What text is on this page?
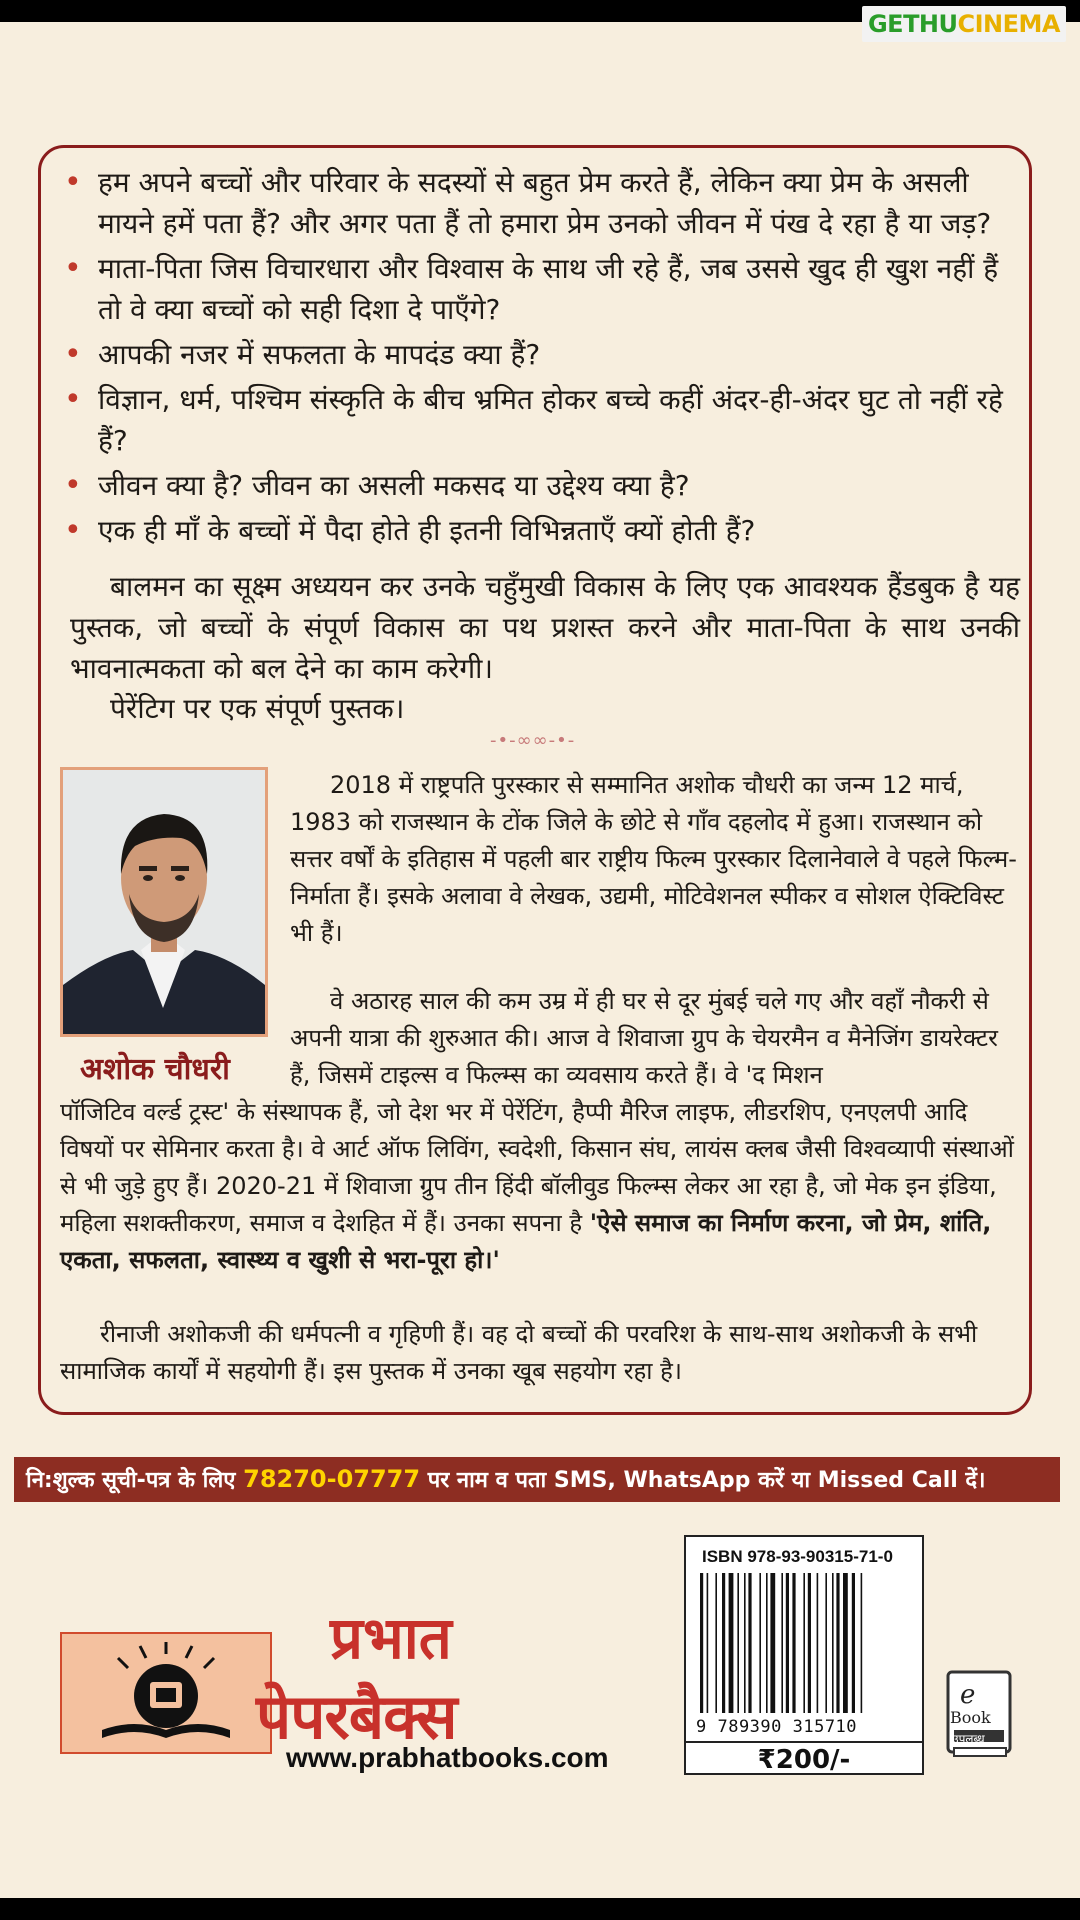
GETHUCINEMA
• हम अपने बच्चों और परिवार के सदस्यों से बहुत प्रेम करते हैं, लेकिन क्या प्रेम के असली मायने हमें पता हैं? और अगर पता हैं तो हमारा प्रेम उनको जीवन में पंख दे रहा है या जड़?
• माता-पिता जिस विचारधारा और विश्वास के साथ जी रहे हैं, जब उससे खुद ही खुश नहीं हैं तो वे क्या बच्चों को सही दिशा दे पाएँगे?
• आपकी नजर में सफलता के मापदंड क्या हैं?
• विज्ञान, धर्म, पश्चिम संस्कृति के बीच भ्रमित होकर बच्चे कहीं अंदर-ही-अंदर घुट तो नहीं रहे हैं?
• जीवन क्या है? जीवन का असली मकसद या उद्देश्य क्या है?
• एक ही माँ के बच्चों में पैदा होते ही इतनी विभिन्नताएँ क्यों होती हैं?

बालमन का सूक्ष्म अध्ययन कर उनके चहुँमुखी विकास के लिए एक आवश्यक हैंडबुक है यह पुस्तक, जो बच्चों के संपूर्ण विकास का पथ प्रशस्त करने और माता-पिता के साथ उनकी भावनात्मकता को बल देने का काम करेगी।

पेरेंटिग पर एक संपूर्ण पुस्तक।

-•-∞∞-•-
अशोक चौधरी

2018 में राष्ट्रपति पुरस्कार से सम्मानित अशोक चौधरी का जन्म 12 मार्च, 1983 को राजस्थान के टोंक जिले के छोटे से गाँव दहलोद में हुआ। राजस्थान को सत्तर वर्षों के इतिहास में पहली बार राष्ट्रीय फिल्म पुरस्कार दिलानेवाले वे पहले फिल्म-निर्माता हैं। इसके अलावा वे लेखक, उद्यमी, मोटिवेशनल स्पीकर व सोशल ऐक्टिविस्ट भी हैं।

वे अठारह साल की कम उम्र में ही घर से दूर मुंबई चले गए और वहाँ नौकरी से अपनी यात्रा की शुरुआत की। आज वे शिवाजा ग्रुप के चेयरमैन व मैनेजिंग डायरेक्टर हैं, जिसमें टाइल्स व फिल्म्स का व्यवसाय करते हैं। वे 'द मिशन

पॉजिटिव वर्ल्ड ट्रस्ट' के संस्थापक हैं, जो देश भर में पेरेंटिंग, हैप्पी मैरिज लाइफ, लीडरशिप, एनएलपी आदि विषयों पर सेमिनार करता है। वे आर्ट ऑफ लिविंग, स्वदेशी, किसान संघ, लायंस क्लब जैसी विश्वव्यापी संस्थाओं से भी जुड़े हुए हैं। 2020-21 में शिवाजा ग्रुप तीन हिंदी बॉलीवुड फिल्म्स लेकर आ रहा है, जो मेक इन इंडिया, महिला सशक्तीकरण, समाज व देशहित में हैं। उनका सपना है 'ऐसे समाज का निर्माण करना, जो प्रेम, शांति, एकता, सफलता, स्वास्थ्य व खुशी से भरा-पूरा हो।'

रीनाजी अशोकजी की धर्मपत्नी व गृहिणी हैं। वह दो बच्चों की परवरिश के साथ-साथ अशोकजी के सभी सामाजिक कार्यों में सहयोगी हैं। इस पुस्तक में उनका खूब सहयोग रहा है।

नि:शुल्क सूची-पत्र के लिए 78270-07777 पर नाम व पता SMS, WhatsApp करें या Missed Call दें।
प्रभात
पेपरबैक्स
www.prabhatbooks.com
ISBN 978-93-90315-71-0
9 789390 315710
₹200/-
e
Book
उपलब्ध
